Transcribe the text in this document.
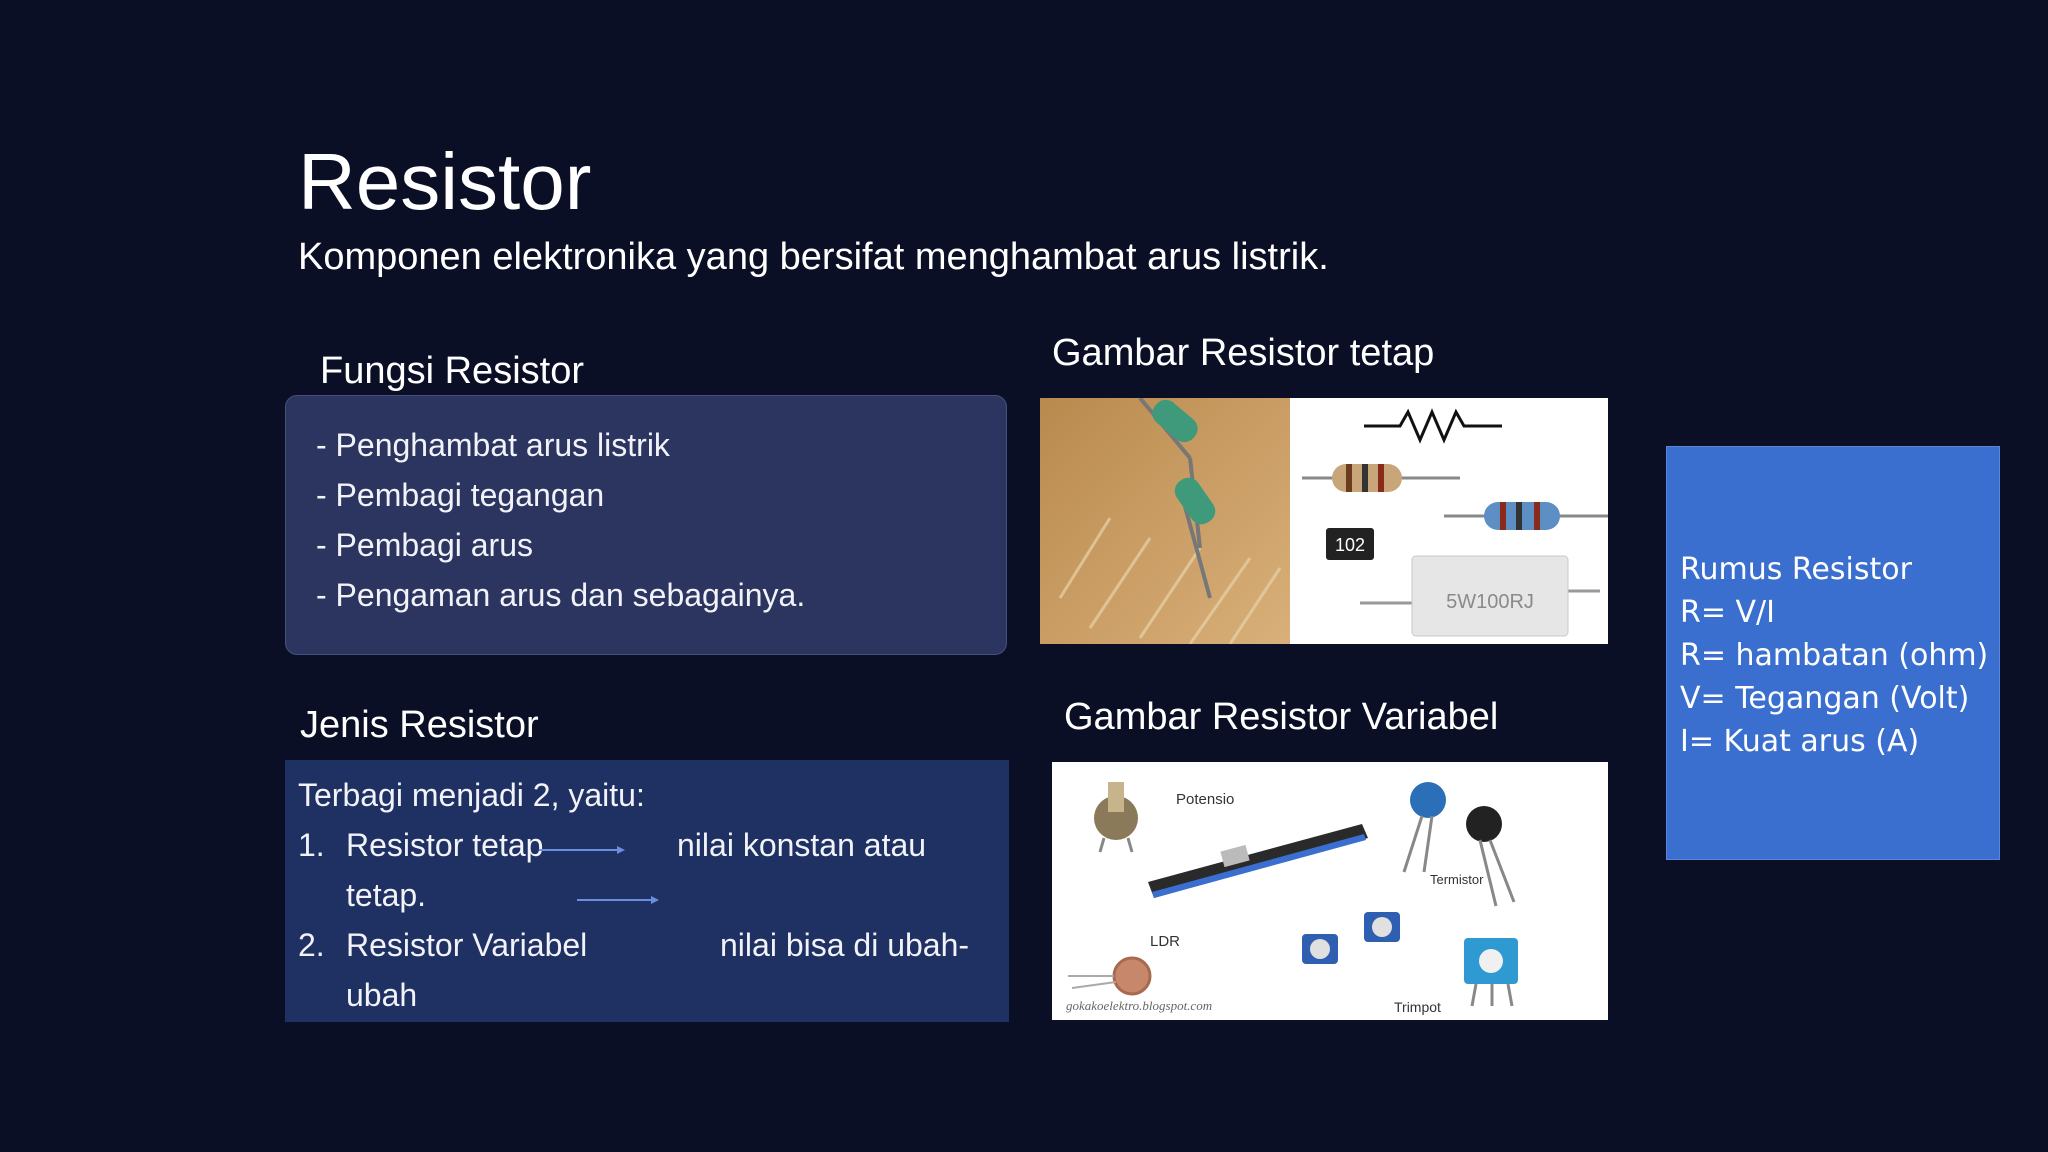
Resistor
Komponen elektronika yang bersifat menghambat arus listrik.
Fungsi Resistor
- Penghambat arus listrik
- Pembagi tegangan
- Pembagi arus
- Pengaman arus dan sebagainya.
Jenis Resistor
Terbagi menjadi 2, yaitu:
1. Resistor tetap	nilai konstan atau
tetap.
2. Resistor Variabel	nilai bisa di ubah-
ubah
Gambar Resistor tetap
102
5W100RJ
Gambar Resistor Variabel
Potensio
Termistor
LDR
Trimpot
gokakoelektro.blogspot.com
Rumus Resistor
R= V/I
R= hambatan (ohm)
V= Tegangan (Volt)
I= Kuat arus (A)
